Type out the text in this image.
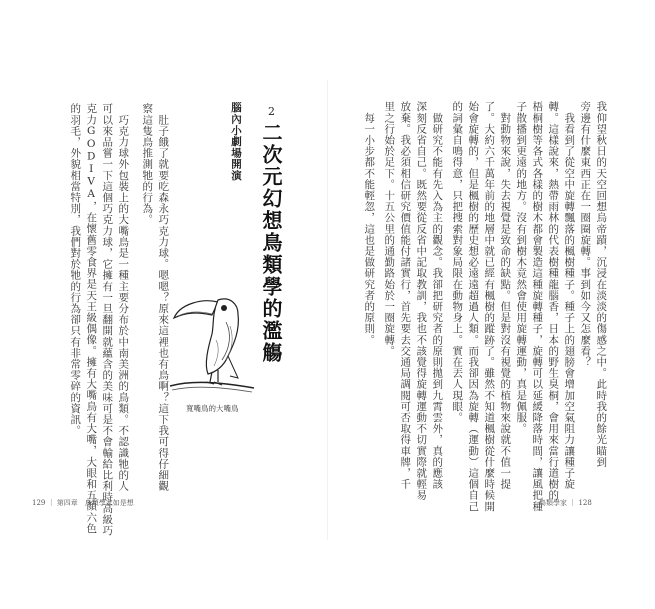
我仰望秋日的天空回想烏帝蹟，沉浸在淡淡的傷感之中。此時我的餘光瞄到
旁邊有什麼東西正在一圈圈旋轉。事到如今又怎麼看？
　我看到了從空中旋轉飄落的楓樹種子。種子上的翅膀會增加空氣阻力讓種子旋
轉。這樣說來，熱帶雨林的代表樹種龍腦香，日本的野生臭桐，會用來當行道樹的
梧桐樹等各式各樣的樹木都會製造這種旋轉種子，旋轉可以延緩降落時間，讓風把種
子散播到更遠的地方。沒有到樹木竟然會使用旋轉運動，真是佩服。
　對動物來說，失去視覺是致命的缺點。但是對沒有視覺的植物來說就不值一提
了。大約六千萬年前的地層中就已經有楓樹的蹤跡了。雖然不知道楓樹從什麼時候開
始會旋轉的，但是楓樹的歷史想必遠遠超過人類。而我卻因為旋轉（運動）這個自己
的詞彙自鳴得意，只把搜索對象局限在動物身上。實在丟人現眼。
　做研究不能有先入為主的觀念。我卻把研究者的原則拋到九霄雲外，真的應該
深刻反省自己。既然要從反省中記取教訓，我也不該覺得旋轉運動不切實際就輕易
放棄。我必須相信研究價值能付諸實行，首先要去交通局調閱可否取得車牌，千
里之行始於足下。十五公里的通勤路始於一圈旋轉。
　每一小步都不能輕忽，這也是做研究者的原則。
2
二次元幻想鳥類學的濫觴
腦內小劇場開演
　肚子餓了就要吃森永巧克力球。嗯嗯？原來這裡也有鳥啊？這下我可得仔細觀
察這隻鳥推測牠的行為。
　巧克力球外包裝上的大嘴鳥是一種主要分布於中南美洲的鳥類。不認識牠的人
可以來品嘗一下這個巧克力球，它擁有一旦翻開就蘊含的美味可是不會輸給比利時高級巧
克力GODIVA，在懷舊零食界是天王級偶像。擁有大嘴鳥有大嘴，大眼和五顏六色
的羽毛，外貌相當特別，我們對於牠的行為卻只有非常零碎的資訊。	寬嘴鳥的大嘴鳥
129 ｜ 第四章　鳥類學家如是想	鳥類學家 ｜ 128
